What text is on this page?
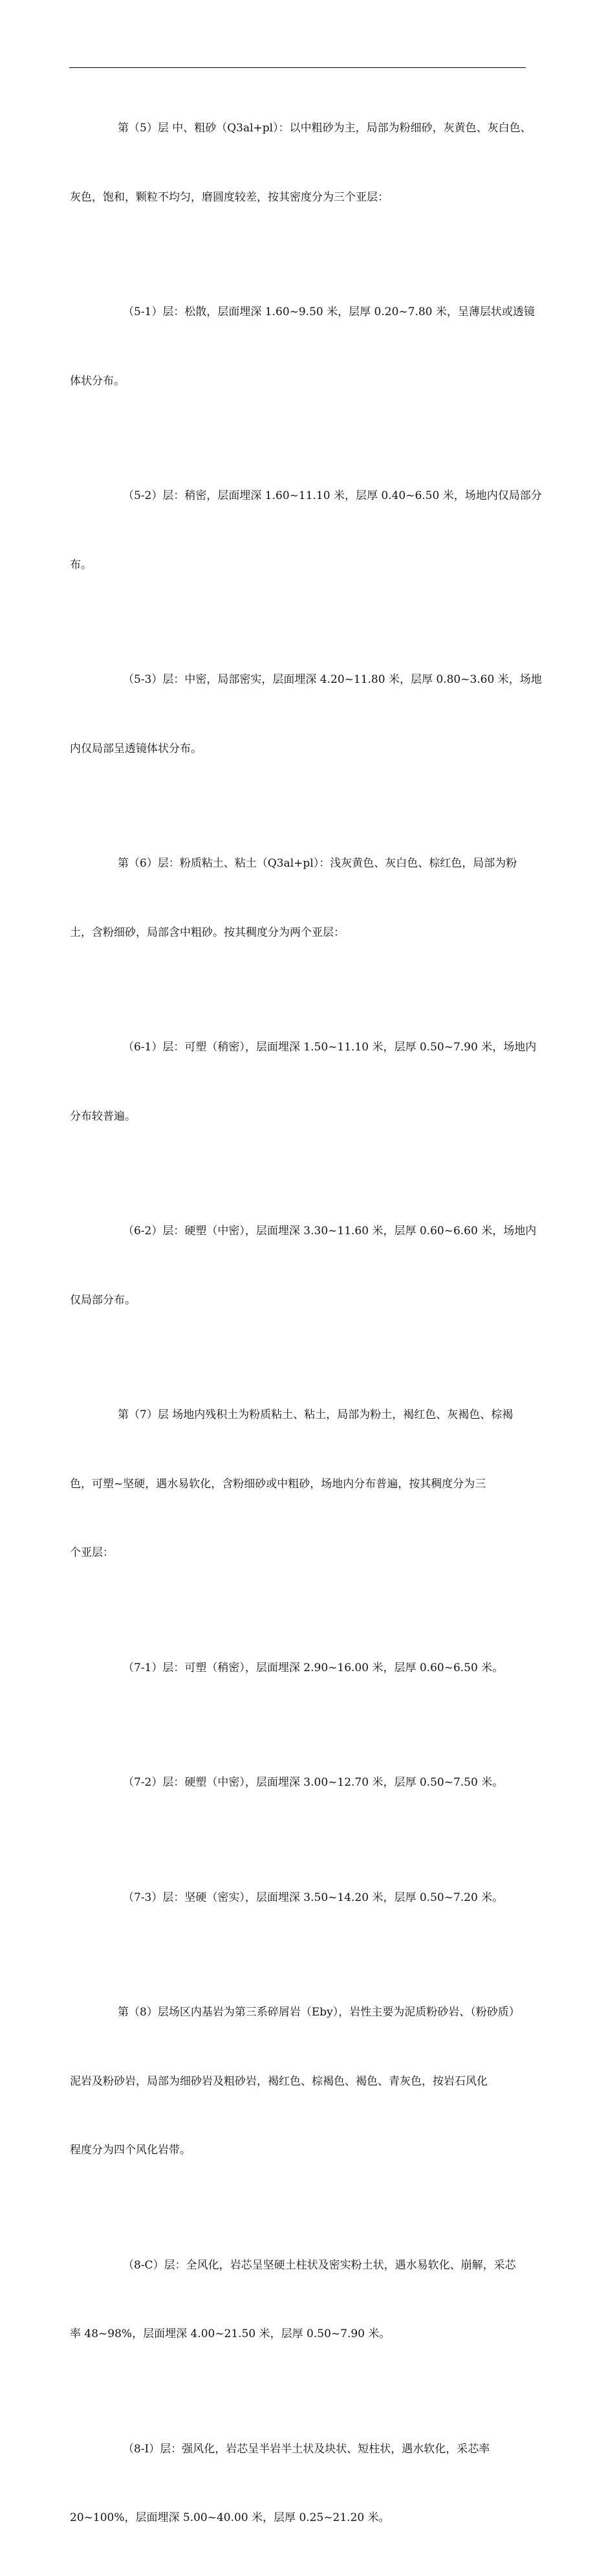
第（5）层 中、粗砂（Q3al+pl）：以中粗砂为主，局部为粉细砂，灰黄色、灰白色、

灰色，饱和，颗粒不均匀，磨圆度较差，按其密度分为三个亚层：

（5-1）层：松散，层面埋深 1.60~9.50 米，层厚 0.20~7.80 米，呈薄层状或透镜

体状分布。

（5-2）层：稍密，层面埋深 1.60~11.10 米，层厚 0.40~6.50 米，场地内仅局部分

布。

（5-3）层：中密，局部密实，层面埋深 4.20~11.80 米，层厚 0.80~3.60 米，场地

内仅局部呈透镜体状分布。

第（6）层：粉质粘土、粘土（Q3al+pl）：浅灰黄色、灰白色、棕红色，局部为粉

土，含粉细砂，局部含中粗砂。按其稠度分为两个亚层：

（6-1）层：可塑（稍密），层面埋深 1.50~11.10 米，层厚 0.50~7.90 米，场地内

分布较普遍。

（6-2）层：硬塑（中密），层面埋深 3.30~11.60 米，层厚 0.60~6.60 米，场地内

仅局部分布。

第（7）层 场地内残积土为粉质粘土、粘土，局部为粉土，褐红色、灰褐色、棕褐

色，可塑~坚硬，遇水易软化，含粉细砂或中粗砂，场地内分布普遍，按其稠度分为三

个亚层：

（7-1）层：可塑（稍密），层面埋深 2.90~16.00 米，层厚 0.60~6.50 米。

（7-2）层：硬塑（中密），层面埋深 3.00~12.70 米，层厚 0.50~7.50 米。

（7-3）层：坚硬（密实），层面埋深 3.50~14.20 米，层厚 0.50~7.20 米。

第（8）层场区内基岩为第三系碎屑岩（Eby），岩性主要为泥质粉砂岩、（粉砂质）

泥岩及粉砂岩，局部为细砂岩及粗砂岩，褐红色、棕褐色、褐色、青灰色，按岩石风化

程度分为四个风化岩带。

（8-C）层：全风化，岩芯呈坚硬土柱状及密实粉土状，遇水易软化、崩解，采芯

率 48~98%，层面埋深 4.00~21.50 米，层厚 0.50~7.90 米。

（8-I）层：强风化，岩芯呈半岩半土状及块状、短柱状，遇水软化，采芯率

20~100%，层面埋深 5.00~40.00 米，层厚 0.25~21.20 米。
